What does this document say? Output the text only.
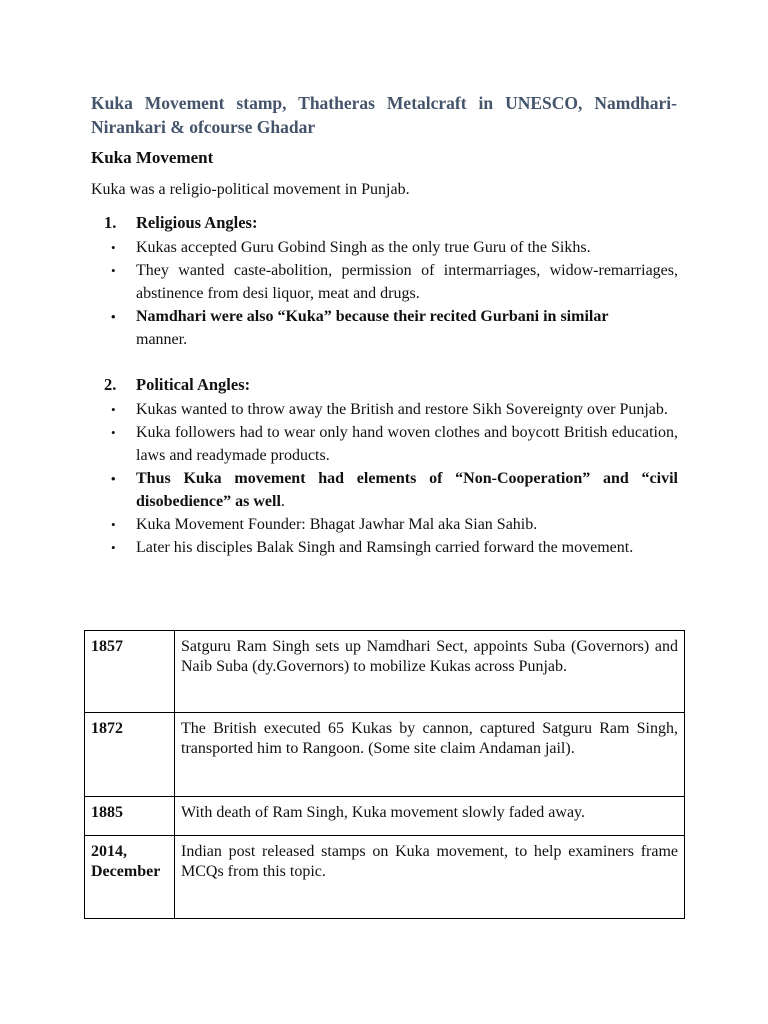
Kuka Movement stamp, Thatheras Metalcraft in UNESCO, Namdhari-Nirankari & ofcourse Ghadar
Kuka Movement
Kuka was a religio-political movement in Punjab.
1. Religious Angles:
• Kukas accepted Guru Gobind Singh as the only true Guru of the Sikhs.
• They wanted caste-abolition, permission of intermarriages, widow-remarriages, abstinence from desi liquor, meat and drugs.
• Namdhari were also “Kuka” because their recited Gurbani in similar
manner.
2. Political Angles:
• Kukas wanted to throw away the British and restore Sikh Sovereignty over Punjab.
• Kuka followers had to wear only hand woven clothes and boycott British education, laws and readymade products.
• Thus Kuka movement had elements of “Non-Cooperation” and “civil disobedience” as well.
• Kuka Movement Founder: Bhagat Jawhar Mal aka Sian Sahib.
• Later his disciples Balak Singh and Ramsingh carried forward the movement.
1857	Satguru Ram Singh sets up Namdhari Sect, appoints Suba (Governors) and Naib Suba (dy.Governors) to mobilize Kukas across Punjab.
1872	The British executed 65 Kukas by cannon, captured Satguru Ram Singh, transported him to Rangoon. (Some site claim Andaman jail).
1885	With death of Ram Singh, Kuka movement slowly faded away.
2014, December	Indian post released stamps on Kuka movement, to help examiners frame MCQs from this topic.
